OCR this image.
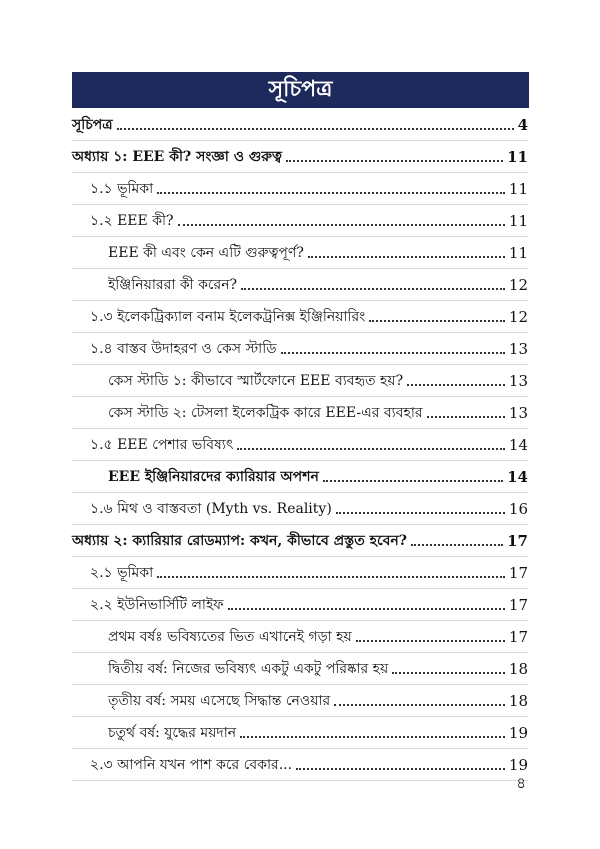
সূচিপত্র
সূচিপত্র	4
অধ্যায় ১: EEE কী? সংজ্ঞা ও গুরুত্ব	11
১.১ ভূমিকা	11
১.২ EEE কী?	11
EEE কী এবং কেন এটি গুরুত্বপূর্ণ?	11
ইঞ্জিনিয়াররা কী করেন?	12
১.৩ ইলেকট্রিক্যাল বনাম ইলেকট্রনিক্স ইঞ্জিনিয়ারিং	12
১.৪ বাস্তব উদাহরণ ও কেস স্টাডি	13
কেস স্টাডি ১: কীভাবে স্মার্টফোনে EEE ব্যবহৃত হয়?	13
কেস স্টাডি ২: টেসলা ইলেকট্রিক কারে EEE-এর ব্যবহার	13
১.৫ EEE পেশার ভবিষ্যৎ	14
EEE ইঞ্জিনিয়ারদের ক্যারিয়ার অপশন	14
১.৬ মিথ ও বাস্তবতা (Myth vs. Reality)	16
অধ্যায় ২: ক্যারিয়ার রোডম্যাপ: কখন, কীভাবে প্রস্তুত হবেন?	17
২.১ ভূমিকা	17
২.২ ইউনিভার্সিটি লাইফ	17
প্রথম বর্ষঃ ভবিষ্যতের ভিত এখানেই গড়া হয়	17
দ্বিতীয় বর্ষ: নিজের ভবিষ্যৎ একটু একটু পরিষ্কার হয়	18
তৃতীয় বর্ষ: সময় এসেছে সিদ্ধান্ত নেওয়ার	18
চতুর্থ বর্ষ: যুদ্ধের ময়দান	19
২.৩ আপনি যখন পাশ করে বেকার...	19
৪
